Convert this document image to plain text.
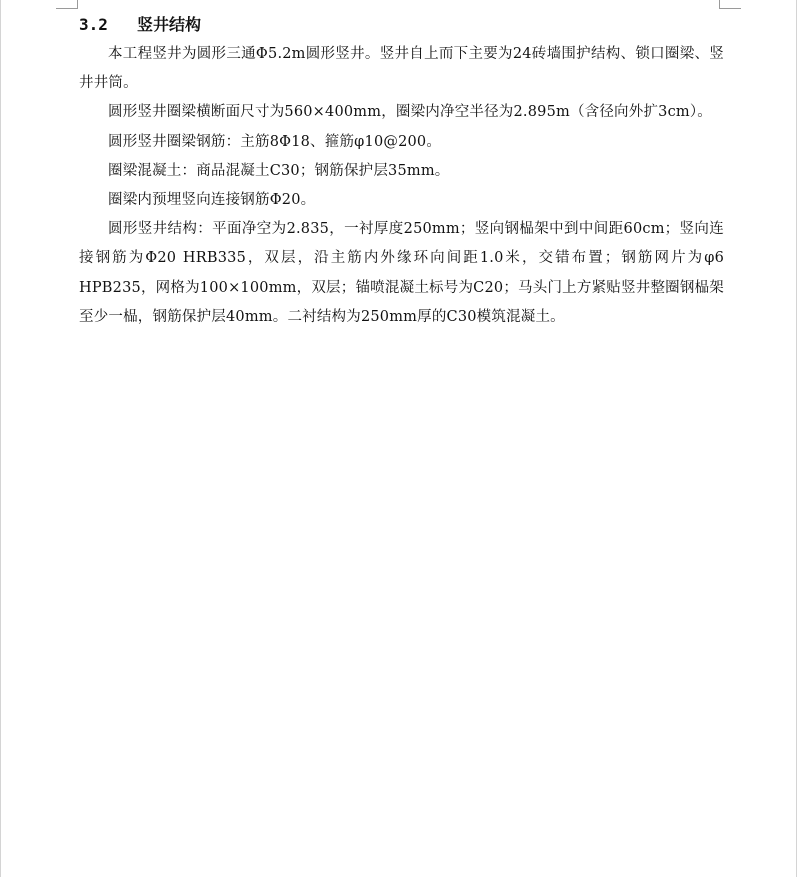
3.2	竖井结构

本工程竖井为圆形三通Φ5.2m圆形竖井。竖井自上而下主要为24砖墙围护结构、锁口圈梁、竖井井筒。

圆形竖井圈梁横断面尺寸为560×400mm，圈梁内净空半径为2.895m（含径向外扩3cm）。

圆形竖井圈梁钢筋：主筋8Φ18、箍筋φ10@200。

圈梁混凝土：商品混凝土C30；钢筋保护层35mm。

圈梁内预埋竖向连接钢筋Φ20。

圆形竖井结构：平面净空为2.835，一衬厚度250mm；竖向钢榀架中到中间距60cm；竖向连接钢筋为Φ20 HRB335，双层，沿主筋内外缘环向间距1.0米，交错布置；钢筋网片为φ6 HPB235，网格为100×100mm，双层；锚喷混凝土标号为C20；马头门上方紧贴竖井整圈钢榀架至少一榀，钢筋保护层40mm。二衬结构为250mm厚的C30模筑混凝土。
